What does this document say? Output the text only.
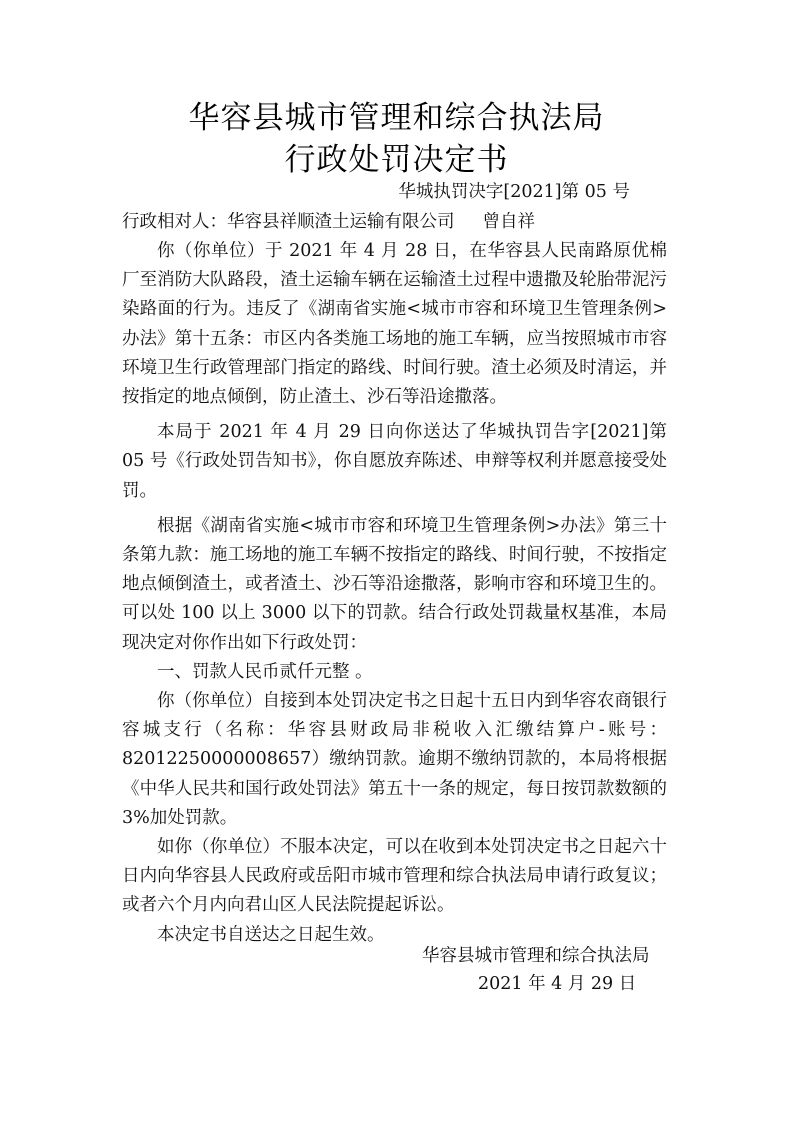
华容县城市管理和综合执法局
行政处罚决定书
华城执罚决字[2021]第 05 号
行政相对人：华容县祥顺渣土运输有限公司 曾自祥

你（你单位）于 2021 年 4 月 28 日，在华容县人民南路原优棉厂至消防大队路段，渣土运输车辆在运输渣土过程中遗撒及轮胎带泥污染路面的行为。违反了《湖南省实施<城市市容和环境卫生管理条例>办法》第十五条：市区内各类施工场地的施工车辆，应当按照城市市容环境卫生行政管理部门指定的路线、时间行驶。渣土必须及时清运，并按指定的地点倾倒，防止渣土、沙石等沿途撒落。

本局于 2021 年 4 月 29 日向你送达了华城执罚告字[2021]第 05 号《行政处罚告知书》，你自愿放弃陈述、申辩等权利并愿意接受处罚。

根据《湖南省实施<城市市容和环境卫生管理条例>办法》第三十条第九款：施工场地的施工车辆不按指定的路线、时间行驶，不按指定地点倾倒渣土，或者渣土、沙石等沿途撒落，影响市容和环境卫生的。可以处 100 以上 3000 以下的罚款。结合行政处罚裁量权基准，本局现决定对你作出如下行政处罚：

一、罚款人民币贰仟元整 。

你（你单位）自接到本处罚决定书之日起十五日内到华容农商银行容城支行（名称：华容县财政局非税收入汇缴结算户-账号：82012250000008657）缴纳罚款。逾期不缴纳罚款的，本局将根据《中华人民共和国行政处罚法》第五十一条的规定，每日按罚款数额的 3%加处罚款。

如你（你单位）不服本决定，可以在收到本处罚决定书之日起六十日内向华容县人民政府或岳阳市城市管理和综合执法局申请行政复议；或者六个月内向君山区人民法院提起诉讼。

本决定书自送达之日起生效。

华容县城市管理和综合执法局
2021 年 4 月 29 日
